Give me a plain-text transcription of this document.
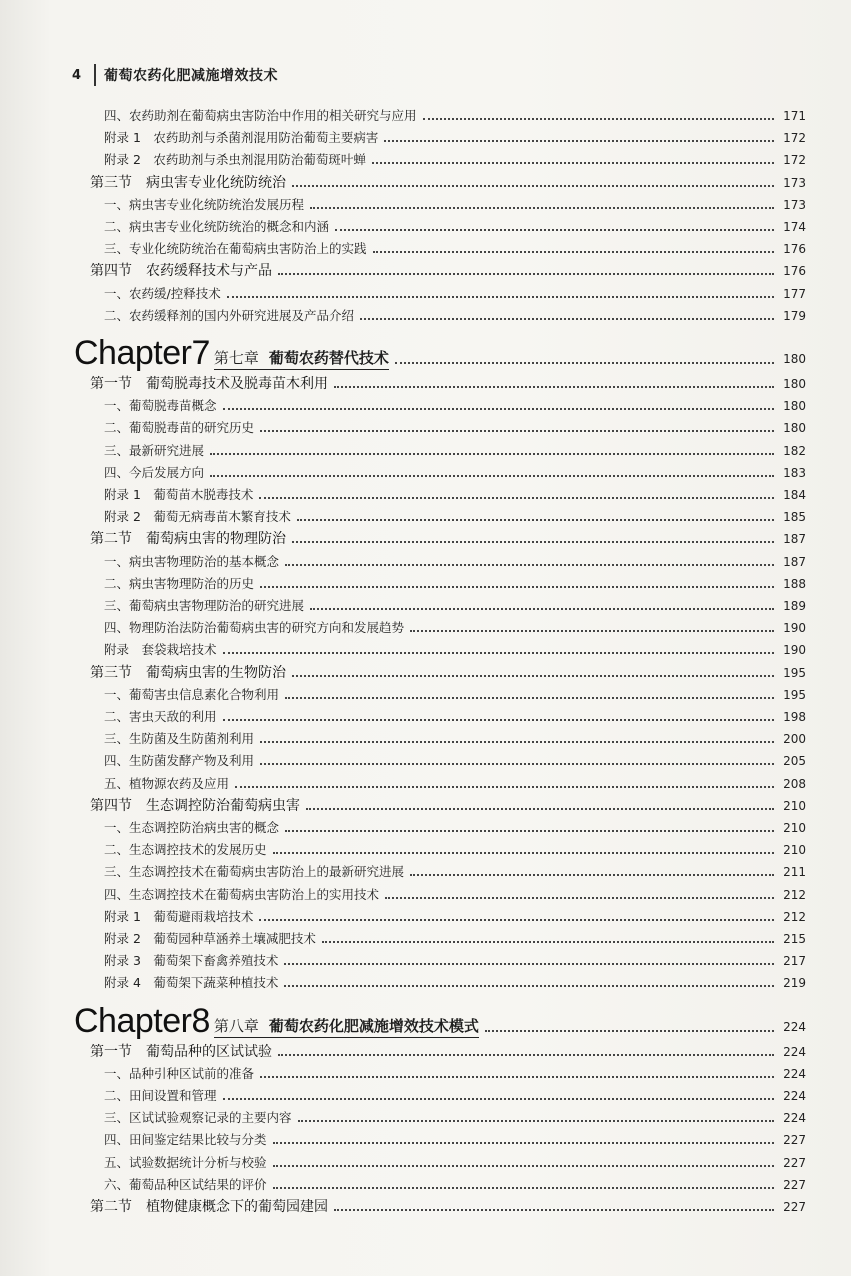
4	葡萄农药化肥减施增效技术
四、农药助剂在葡萄病虫害防治中作用的相关研究与应用	171
附录 1　农药助剂与杀菌剂混用防治葡萄主要病害	172
附录 2　农药助剂与杀虫剂混用防治葡萄斑叶蝉	172
第三节　病虫害专业化统防统治	173
一、病虫害专业化统防统治发展历程	173
二、病虫害专业化统防统治的概念和内涵	174
三、专业化统防统治在葡萄病虫害防治上的实践	176
第四节　农药缓释技术与产品	176
一、农药缓/控释技术	177
二、农药缓释剂的国内外研究进展及产品介绍	179
Chapter7 第七章 葡萄农药替代技术	180
第一节　葡萄脱毒技术及脱毒苗木利用	180
一、葡萄脱毒苗概念	180
二、葡萄脱毒苗的研究历史	180
三、最新研究进展	182
四、今后发展方向	183
附录 1　葡萄苗木脱毒技术	184
附录 2　葡萄无病毒苗木繁育技术	185
第二节　葡萄病虫害的物理防治	187
一、病虫害物理防治的基本概念	187
二、病虫害物理防治的历史	188
三、葡萄病虫害物理防治的研究进展	189
四、物理防治法防治葡萄病虫害的研究方向和发展趋势	190
附录　套袋栽培技术	190
第三节　葡萄病虫害的生物防治	195
一、葡萄害虫信息素化合物利用	195
二、害虫天敌的利用	198
三、生防菌及生防菌剂利用	200
四、生防菌发酵产物及利用	205
五、植物源农药及应用	208
第四节　生态调控防治葡萄病虫害	210
一、生态调控防治病虫害的概念	210
二、生态调控技术的发展历史	210
三、生态调控技术在葡萄病虫害防治上的最新研究进展	211
四、生态调控技术在葡萄病虫害防治上的实用技术	212
附录 1　葡萄避雨栽培技术	212
附录 2　葡萄园种草涵养土壤减肥技术	215
附录 3　葡萄架下畜禽养殖技术	217
附录 4　葡萄架下蔬菜种植技术	219
Chapter8 第八章 葡萄农药化肥减施增效技术模式	224
第一节　葡萄品种的区试试验	224
一、品种引种区试前的准备	224
二、田间设置和管理	224
三、区试试验观察记录的主要内容	224
四、田间鉴定结果比较与分类	227
五、试验数据统计分析与校验	227
六、葡萄品种区试结果的评价	227
第二节　植物健康概念下的葡萄园建园	227
